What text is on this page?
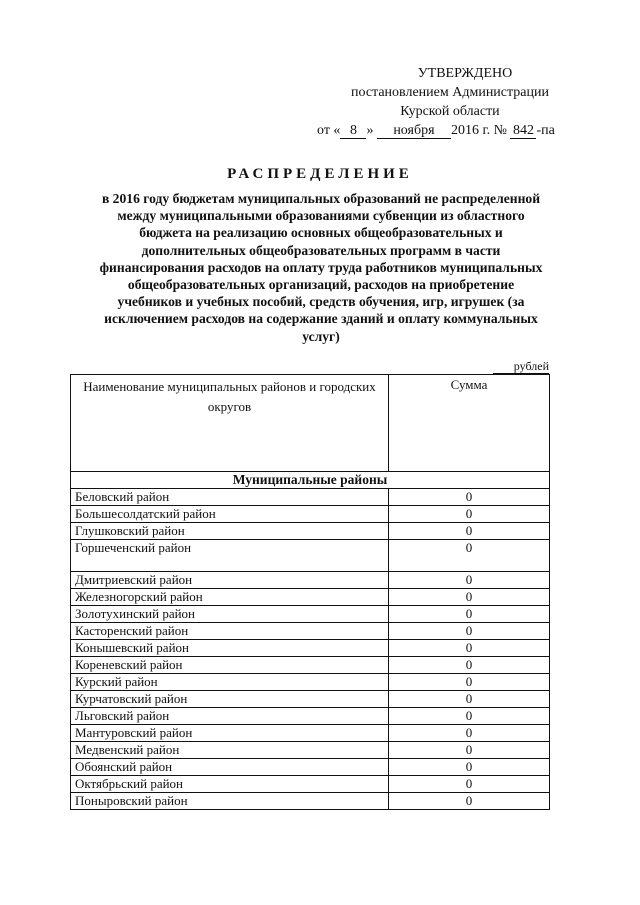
УТВЕРЖДЕНО
постановлением Администрации
Курской области
от « 8 » ноября 2016 г. № 842 -па
РАСПРЕДЕЛЕНИЕ
в 2016 году бюджетам муниципальных образований не распределенной между муниципальными образованиями субвенции из областного бюджета на реализацию основных общеобразовательных и дополнительных общеобразовательных программ в части финансирования расходов на оплату труда работников муниципальных общеобразовательных организаций, расходов на приобретение учебников и учебных пособий, средств обучения, игр, игрушек (за исключением расходов на содержание зданий и оплату коммунальных услуг)
рублей
Наименование муниципальных районов и городских округов	Сумма
Муниципальные районы	
Беловский район	0
Большесолдатский район	0
Глушковский район	0
Горшеченский район	0
Дмитриевский район	0
Железногорский район	0
Золотухинский район	0
Касторенский район	0
Конышевский район	0
Кореневский район	0
Курский район	0
Курчатовский район	0
Льговский район	0
Мантуровский район	0
Медвенский район	0
Обоянский район	0
Октябрьский район	0
Поныровский район	0
